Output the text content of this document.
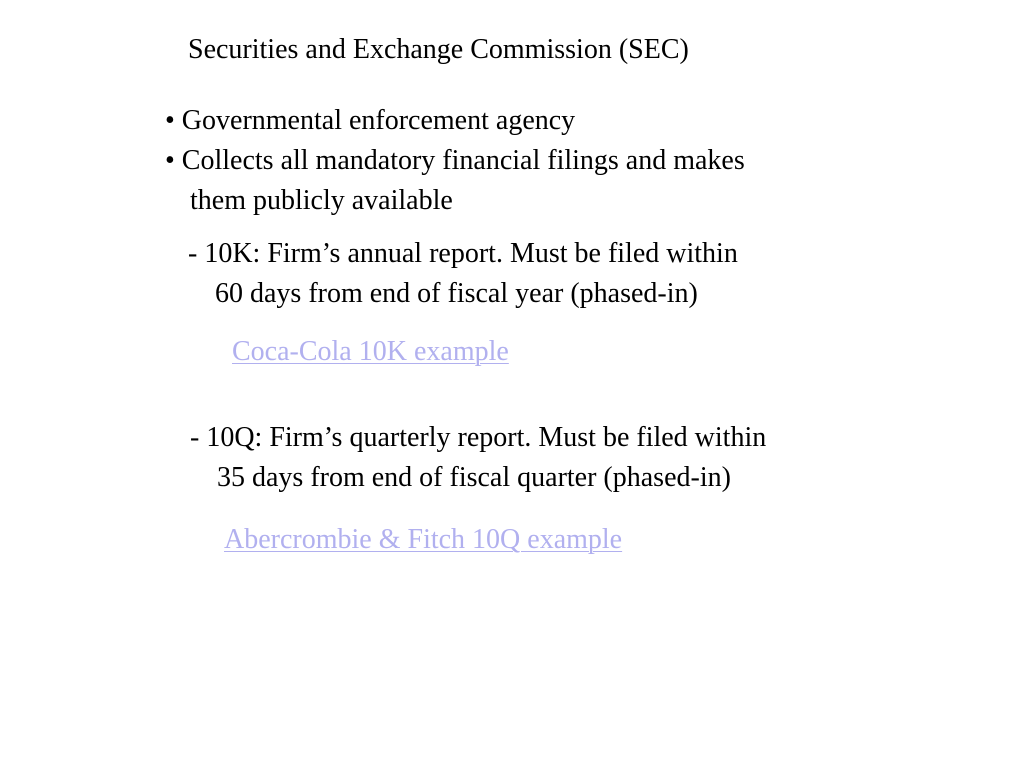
Securities and Exchange Commission (SEC)
• Governmental enforcement agency
• Collects all mandatory financial filings and makes
them publicly available
- 10K: Firm’s annual report. Must be filed within
60 days from end of fiscal year (phased-in)
Coca-Cola 10K example
- 10Q: Firm’s quarterly report. Must be filed within
35 days from end of fiscal quarter (phased-in)
Abercrombie & Fitch 10Q example
